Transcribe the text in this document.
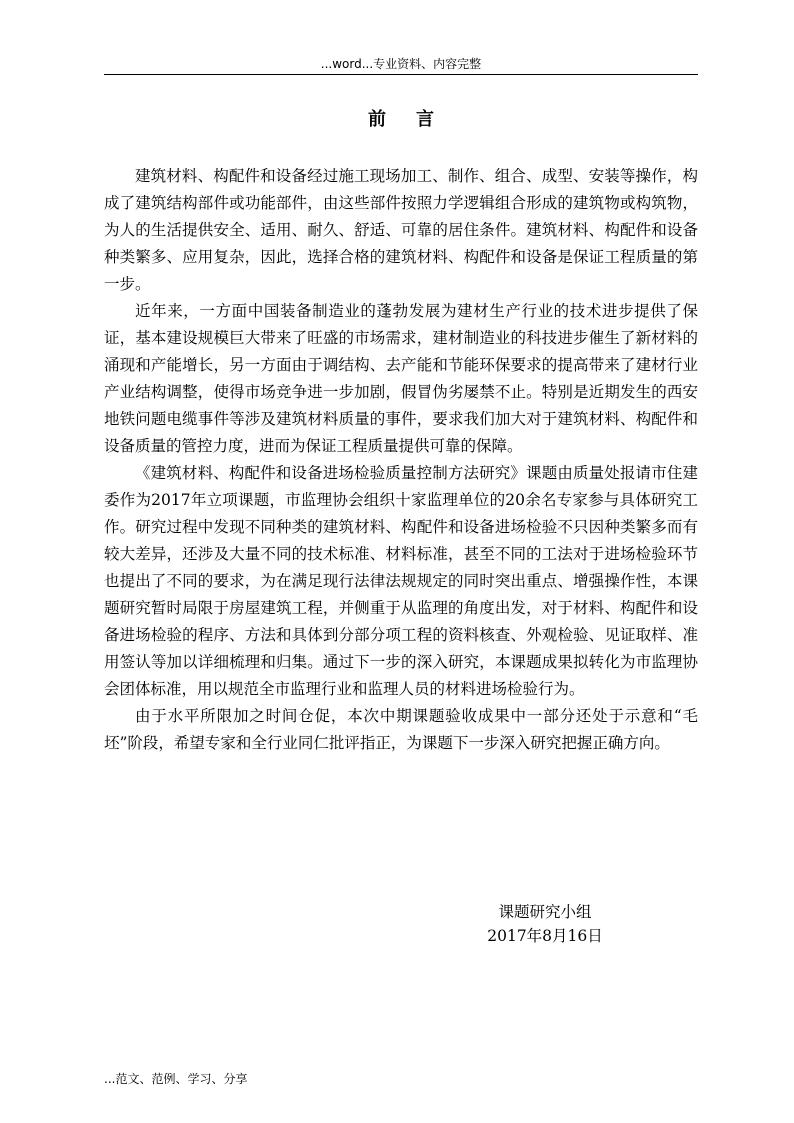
...word...专业资料、内容完整
前言

建筑材料、构配件和设备经过施工现场加工、制作、组合、成型、安装等操作，构成了建筑结构部件或功能部件，由这些部件按照力学逻辑组合形成的建筑物或构筑物，为人的生活提供安全、适用、耐久、舒适、可靠的居住条件。建筑材料、构配件和设备种类繁多、应用复杂，因此，选择合格的建筑材料、构配件和设备是保证工程质量的第一步。

近年来，一方面中国装备制造业的蓬勃发展为建材生产行业的技术进步提供了保证，基本建设规模巨大带来了旺盛的市场需求，建材制造业的科技进步催生了新材料的涌现和产能增长，另一方面由于调结构、去产能和节能环保要求的提高带来了建材行业产业结构调整，使得市场竞争进一步加剧，假冒伪劣屡禁不止。特别是近期发生的西安地铁问题电缆事件等涉及建筑材料质量的事件，要求我们加大对于建筑材料、构配件和设备质量的管控力度，进而为保证工程质量提供可靠的保障。

《建筑材料、构配件和设备进场检验质量控制方法研究》课题由质量处报请市住建委作为2017年立项课题，市监理协会组织十家监理单位的20余名专家参与具体研究工作。研究过程中发现不同种类的建筑材料、构配件和设备进场检验不只因种类繁多而有较大差异，还涉及大量不同的技术标准、材料标准，甚至不同的工法对于进场检验环节也提出了不同的要求，为在满足现行法律法规规定的同时突出重点、增强操作性，本课题研究暂时局限于房屋建筑工程，并侧重于从监理的角度出发，对于材料、构配件和设备进场检验的程序、方法和具体到分部分项工程的资料核查、外观检验、见证取样、准用签认等加以详细梳理和归集。通过下一步的深入研究，本课题成果拟转化为市监理协会团体标准，用以规范全市监理行业和监理人员的材料进场检验行为。

由于水平所限加之时间仓促，本次中期课题验收成果中一部分还处于示意和“毛坯”阶段，希望专家和全行业同仁批评指正，为课题下一步深入研究把握正确方向。

课题研究小组
2017年8月16日
...范文、范例、学习、分享
